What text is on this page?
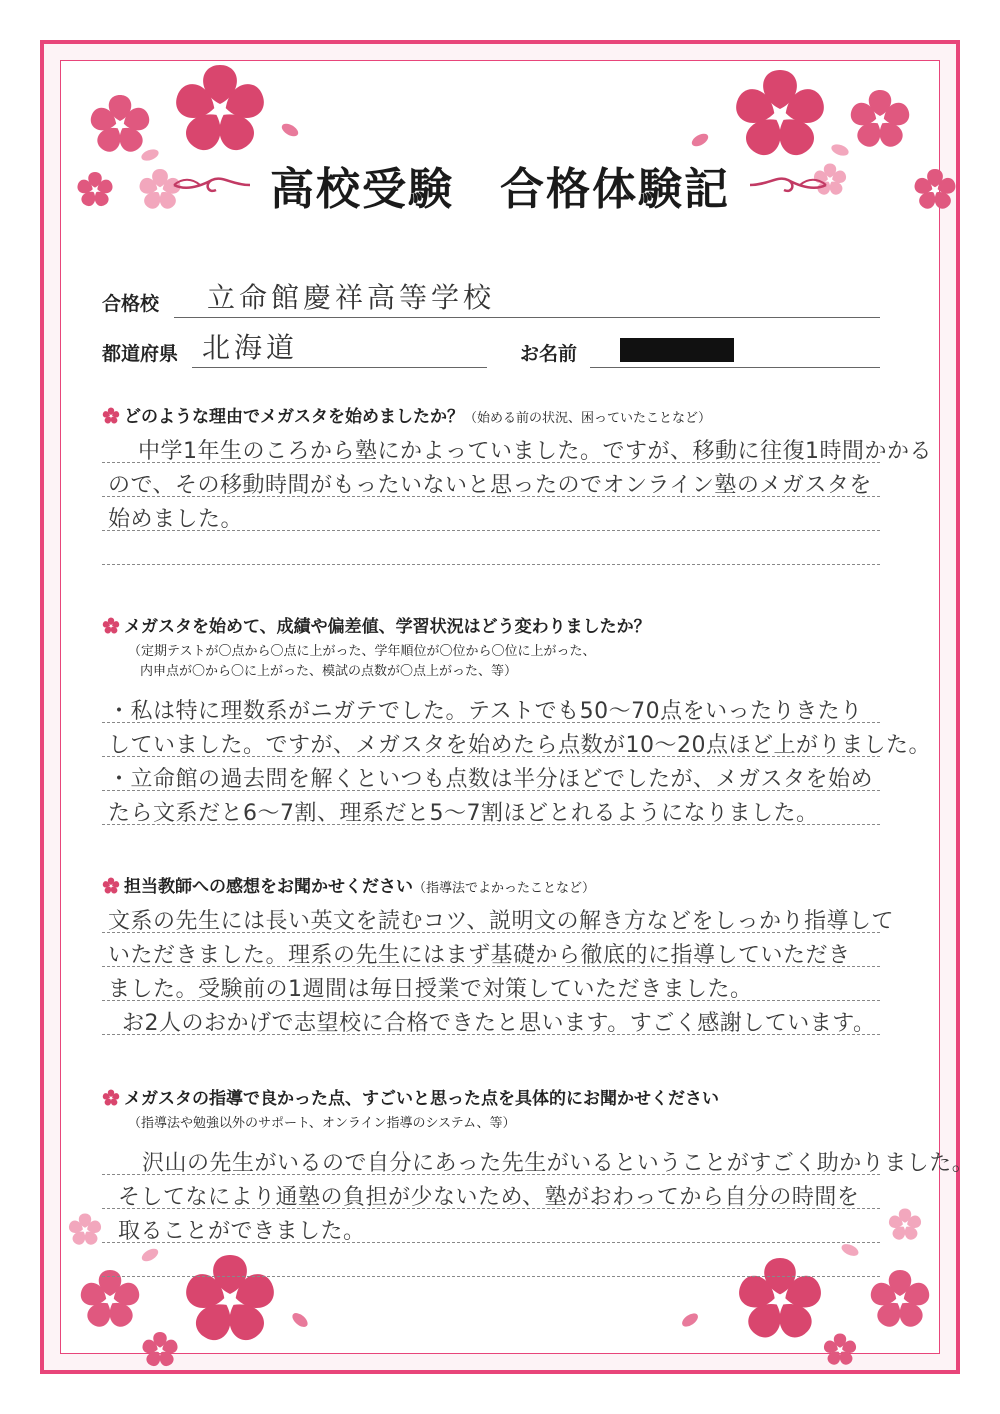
高校受験　合格体験記
合格校 立命館慶祥高等学校
都道府県 北海道	お名前
どのような理由でメガスタを始めましたか？（始める前の状況、困っていたことなど）
中学1年生のころから塾にかよっていました。ですが、移動に往復1時間かかる
ので、その移動時間がもったいないと思ったのでオンライン塾のメガスタを
始めました。
メガスタを始めて、成績や偏差値、学習状況はどう変わりましたか？
（定期テストが〇点から〇点に上がった、学年順位が〇位から〇位に上がった、
内申点が〇から〇に上がった、模試の点数が〇点上がった、等）
・私は特に理数系がニガテでした。テストでも50～70点をいったりきたり
していました。ですが、メガスタを始めたら点数が10～20点ほど上がりました。
・立命館の過去問を解くといつも点数は半分ほどでしたが、メガスタを始め
たら文系だと6～7割、理系だと5～7割ほどとれるようになりました。
担当教師への感想をお聞かせください（指導法でよかったことなど）
文系の先生には長い英文を読むコツ、説明文の解き方などをしっかり指導して
いただきました。理系の先生にはまず基礎から徹底的に指導していただき
ました。受験前の1週間は毎日授業で対策していただきました。
お2人のおかげで志望校に合格できたと思います。すごく感謝しています。
メガスタの指導で良かった点、すごいと思った点を具体的にお聞かせください
（指導法や勉強以外のサポート、オンライン指導のシステム、等）
沢山の先生がいるので自分にあった先生がいるということがすごく助かりました。
そしてなにより通塾の負担が少ないため、塾がおわってから自分の時間を
取ることができました。
